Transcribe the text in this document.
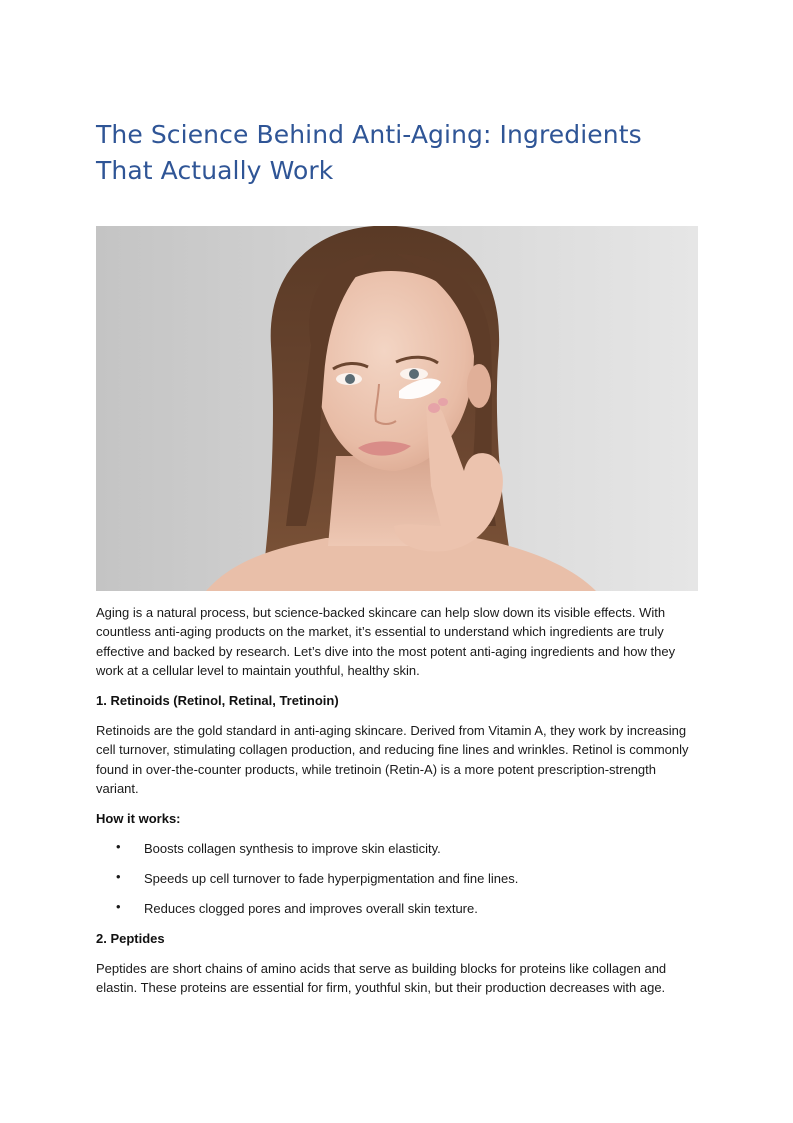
The Science Behind Anti-Aging: Ingredients That Actually Work

Aging is a natural process, but science-backed skincare can help slow down its visible effects. With countless anti-aging products on the market, it’s essential to understand which ingredients are truly effective and backed by research. Let’s dive into the most potent anti-aging ingredients and how they work at a cellular level to maintain youthful, healthy skin.

1. Retinoids (Retinol, Retinal, Tretinoin)

Retinoids are the gold standard in anti-aging skincare. Derived from Vitamin A, they work by increasing cell turnover, stimulating collagen production, and reducing fine lines and wrinkles. Retinol is commonly found in over-the-counter products, while tretinoin (Retin-A) is a more potent prescription-strength variant.

How it works:

• Boosts collagen synthesis to improve skin elasticity.
• Speeds up cell turnover to fade hyperpigmentation and fine lines.
• Reduces clogged pores and improves overall skin texture.

2. Peptides

Peptides are short chains of amino acids that serve as building blocks for proteins like collagen and elastin. These proteins are essential for firm, youthful skin, but their production decreases with age.
